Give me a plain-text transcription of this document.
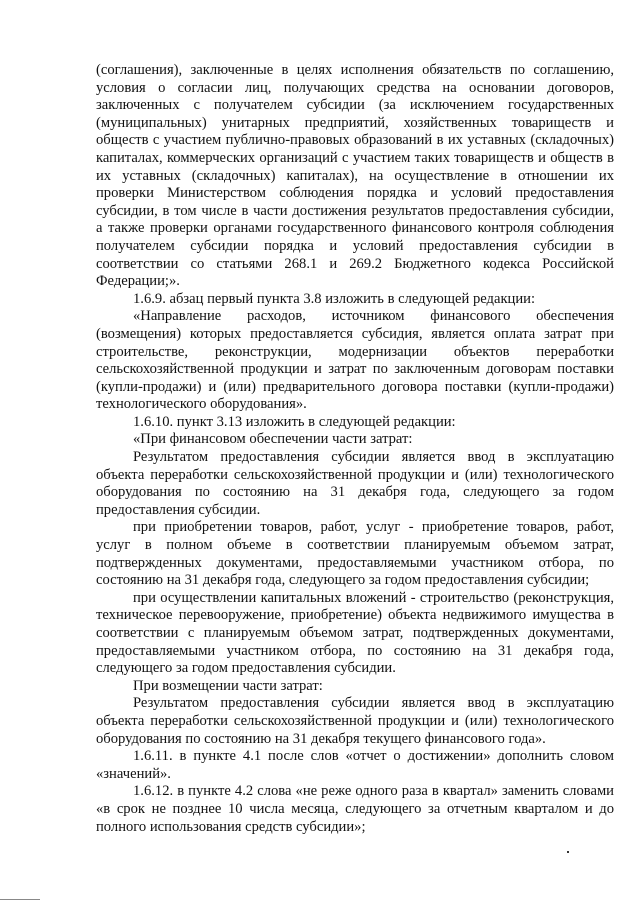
(соглашения), заключенные в целях исполнения обязательств по соглашению, условия о согласии лиц, получающих средства на основании договоров, заключенных с получателем субсидии (за исключением государственных (муниципальных) унитарных предприятий, хозяйственных товариществ и обществ с участием публично-правовых образований в их уставных (складочных) капиталах, коммерческих организаций с участием таких товариществ и обществ в их уставных (складочных) капиталах), на осуществление в отношении их проверки Министерством соблюдения порядка и условий предоставления субсидии, в том числе в части достижения результатов предоставления субсидии, а также проверки органами государственного финансового контроля соблюдения получателем субсидии порядка и условий предоставления субсидии в соответствии со статьями 268.1 и 269.2 Бюджетного кодекса Российской Федерации;».

1.6.9. абзац первый пункта 3.8 изложить в следующей редакции:

«Направление расходов, источником финансового обеспечения (возмещения) которых предоставляется субсидия, является оплата затрат при строительстве, реконструкции, модернизации объектов переработки сельскохозяйственной продукции и затрат по заключенным договорам поставки (купли-продажи) и (или) предварительного договора поставки (купли-продажи) технологического оборудования».

1.6.10. пункт 3.13 изложить в следующей редакции:

«При финансовом обеспечении части затрат:

Результатом предоставления субсидии является ввод в эксплуатацию объекта переработки сельскохозяйственной продукции и (или) технологического оборудования по состоянию на 31 декабря года, следующего за годом предоставления субсидии.

при приобретении товаров, работ, услуг - приобретение товаров, работ, услуг в полном объеме в соответствии планируемым объемом затрат, подтвержденных документами, предоставляемыми участником отбора, по состоянию на 31 декабря года, следующего за годом предоставления субсидии;

при осуществлении капитальных вложений - строительство (реконструкция, техническое перевооружение, приобретение) объекта недвижимого имущества в соответствии с планируемым объемом затрат, подтвержденных документами, предоставляемыми участником отбора, по состоянию на 31 декабря года, следующего за годом предоставления субсидии.

При возмещении части затрат:

Результатом предоставления субсидии является ввод в эксплуатацию объекта переработки сельскохозяйственной продукции и (или) технологического оборудования по состоянию на 31 декабря текущего финансового года».

1.6.11. в пункте 4.1 после слов «отчет о достижении» дополнить словом «значений».

1.6.12. в пункте 4.2 слова «не реже одного раза в квартал» заменить словами «в срок не позднее 10 числа месяца, следующего за отчетным кварталом и до полного использования средств субсидии»;
